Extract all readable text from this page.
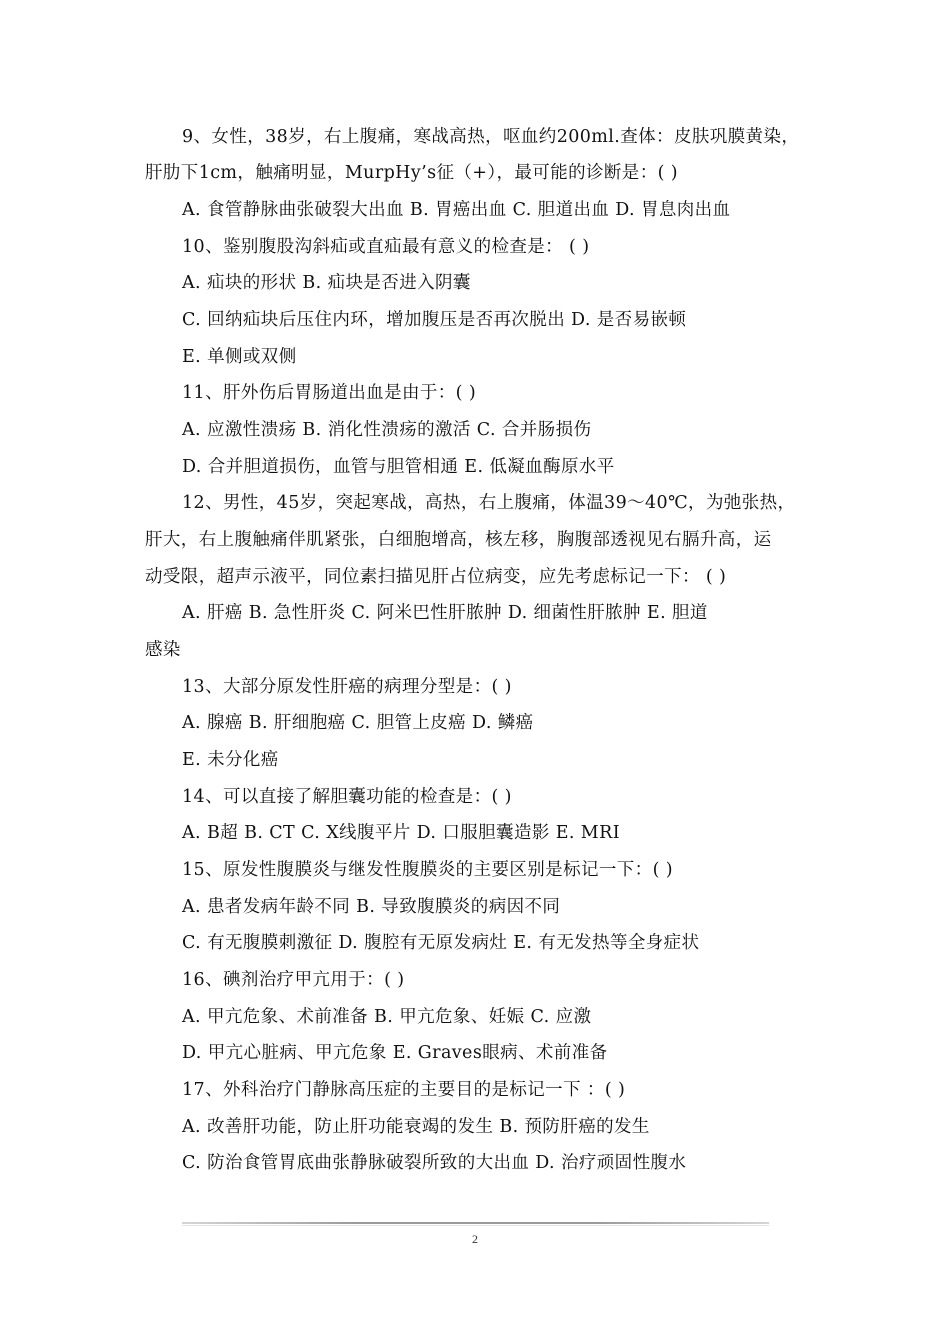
9、女性，38岁，右上腹痛，寒战高热，呕血约200ml.查体：皮肤巩膜黄染，
肝肋下1cm，触痛明显，MurpHy’s征（+），最可能的诊断是：( )
A. 食管静脉曲张破裂大出血 B. 胃癌出血 C. 胆道出血 D. 胃息肉出血
10、鉴别腹股沟斜疝或直疝最有意义的检查是： ( )
A. 疝块的形状 B. 疝块是否进入阴囊
C. 回纳疝块后压住内环，增加腹压是否再次脱出 D. 是否易嵌顿
E. 单侧或双侧
11、肝外伤后胃肠道出血是由于：( )
A. 应激性溃疡 B. 消化性溃疡的激活 C. 合并肠损伤
D. 合并胆道损伤，血管与胆管相通 E. 低凝血酶原水平
12、男性，45岁，突起寒战，高热，右上腹痛，体温39～40℃，为弛张热，
肝大，右上腹触痛伴肌紧张，白细胞增高，核左移，胸腹部透视见右膈升高，运
动受限，超声示液平，同位素扫描见肝占位病变，应先考虑标记一下： ( )
A. 肝癌 B. 急性肝炎 C. 阿米巴性肝脓肿 D. 细菌性肝脓肿 E. 胆道
感染
13、大部分原发性肝癌的病理分型是：( )
A. 腺癌 B. 肝细胞癌 C. 胆管上皮癌 D. 鳞癌
E. 未分化癌
14、可以直接了解胆囊功能的检查是：( )
A. B超 B. CT C. X线腹平片 D. 口服胆囊造影 E. MRI
15、原发性腹膜炎与继发性腹膜炎的主要区别是标记一下：( )
A. 患者发病年龄不同 B. 导致腹膜炎的病因不同
C. 有无腹膜刺激征 D. 腹腔有无原发病灶 E. 有无发热等全身症状
16、碘剂治疗甲亢用于：( )
A. 甲亢危象、术前准备 B. 甲亢危象、妊娠 C. 应激
D. 甲亢心脏病、甲亢危象 E. Graves眼病、术前准备
17、外科治疗门静脉高压症的主要目的是标记一下 ：( )
A. 改善肝功能，防止肝功能衰竭的发生 B. 预防肝癌的发生
C. 防治食管胃底曲张静脉破裂所致的大出血 D. 治疗顽固性腹水
2
